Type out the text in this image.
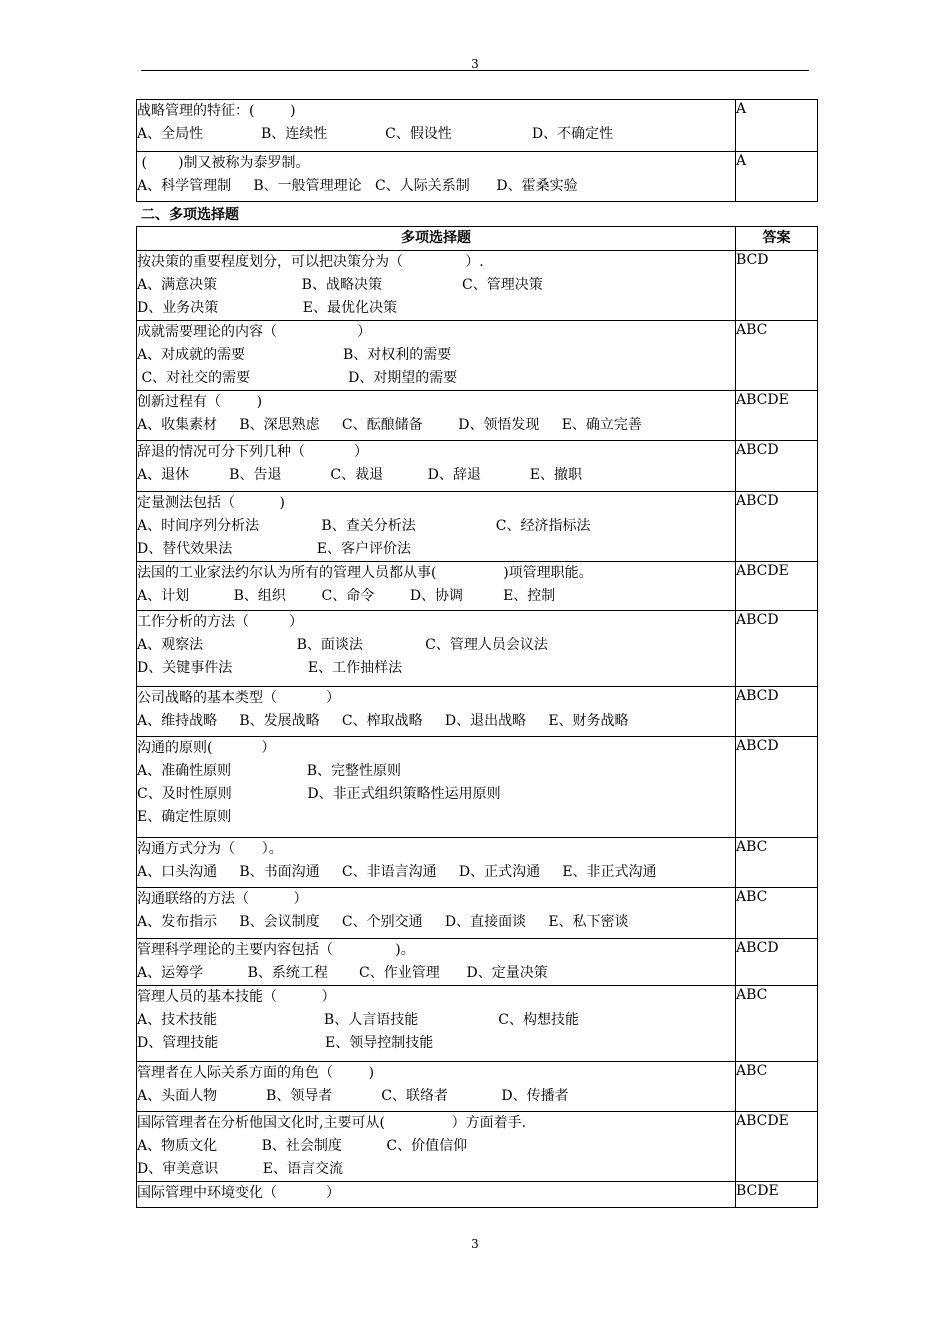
3
战略管理的特征：(        )
A、全局性             B、连续性             C、假设性                  D、不确定性	A

(       )制又被称为泰罗制。
A、科学管理制     B、一般管理理论   C、人际关系制      D、霍桑实验	A
二、多项选择题
多项选择题	答案

按决策的重要程度划分，可以把决策分为（              ）.
A、满意决策                   B、战略决策                  C、管理决策
D、业务决策                   E、最优化决策	BCD

成就需要理论的内容（                  ）
A、对成就的需要                      B、对权利的需要
C、对社交的需要                      D、对期望的需要	ABC

创新过程有（        )
A、收集素材     B、深思熟虑     C、酝酿储备        D、领悟发现     E、确立完善	ABCDE

辞退的情况可分下列几种（           ）
A、退休         B、告退           C、裁退          D、辞退           E、撤职	ABCD

定量测法包括（          )
A、时间序列分析法              B、查关分析法                  C、经济指标法
D、替代效果法                   E、客户评价法	ABCD

法国的工业家法约尔认为所有的管理人员都从事(               )项管理职能。
A、计划          B、组织        C、命令        D、协调         E、控制	ABCDE

工作分析的方法（         ）
A、观察法                     B、面谈法              C、管理人员会议法
D、关键事件法                 E、工作抽样法	ABCD

公司战略的基本类型（           ）
A、维持战略     B、发展战略     C、榨取战略     D、退出战略     E、财务战略	ABCD

沟通的原则(           ）
A、准确性原则                 B、完整性原则
C、及时性原则                 D、非正式组织策略性运用原则
E、确定性原则	ABCD

沟通方式分为（      ）。
A、口头沟通     B、书面沟通     C、非语言沟通     D、正式沟通     E、非正式沟通	ABC

沟通联络的方法（          ）
A、发布指示     B、会议制度     C、个别交通     D、直接面谈     E、私下密谈	ABC

管理科学理论的主要内容包括（              )。
A、运筹学          B、系统工程       C、作业管理      D、定量决策	ABCD

管理人员的基本技能（          ）
A、技术技能                        B、人言语技能                  C、构想技能
D、管理技能                        E、领导控制技能	ABC

管理者在人际关系方面的角色（        )
A、头面人物           B、领导者           C、联络者            D、传播者	ABC

国际管理者在分析他国文化时,主要可从(               ）方面着手.
A、物质文化          B、社会制度          C、价值信仰
D、审美意识          E、语言交流	ABCDE

国际管理中环境变化（           ）	BCDE
3
